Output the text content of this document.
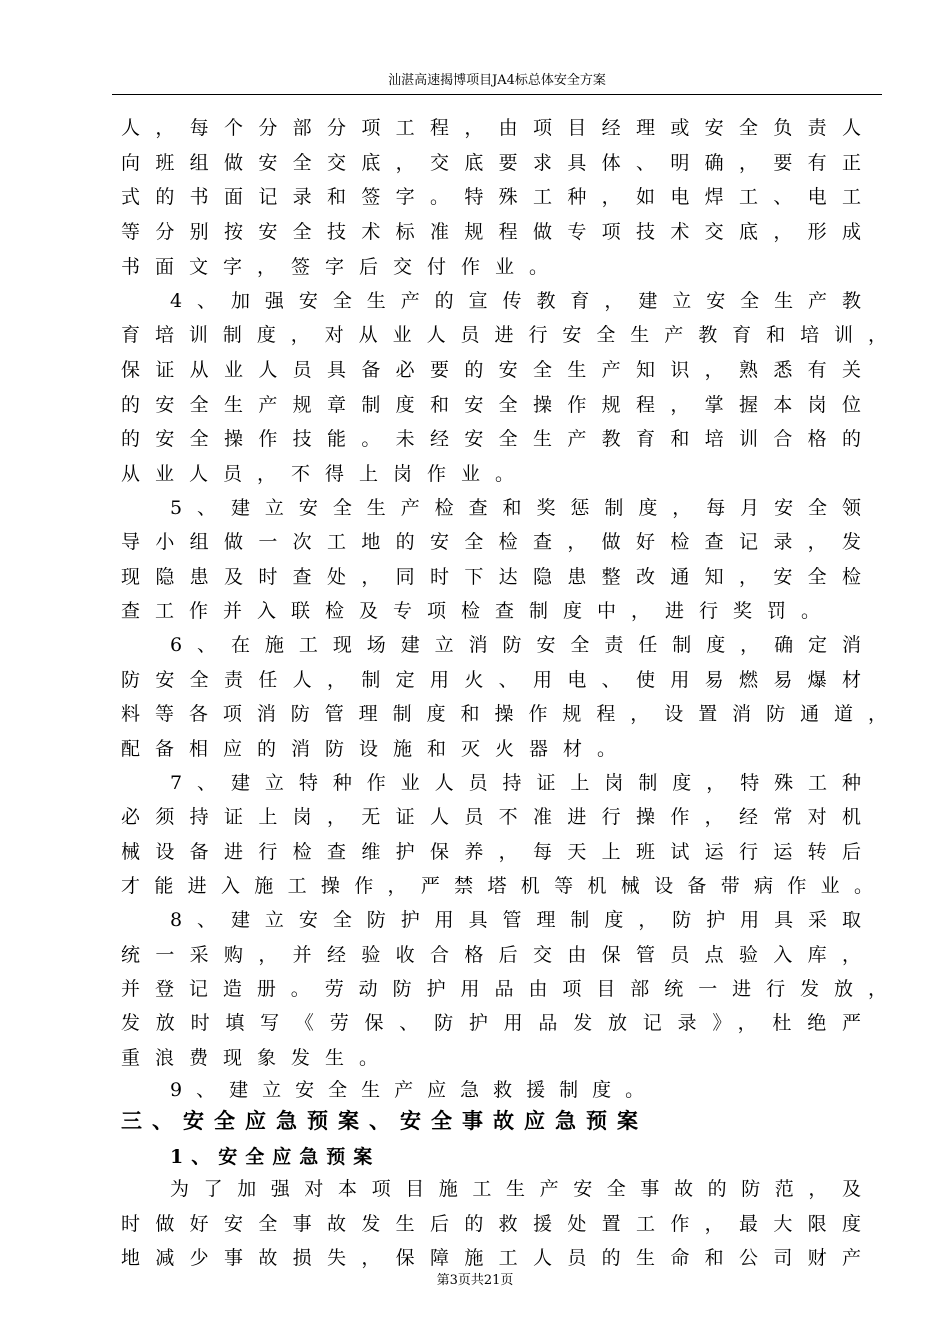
汕湛高速揭博项目JA4标总体安全方案
人，每个分部分项工程，由项目经理或安全负责人
向班组做安全交底，交底要求具体、明确，要有正
式的书面记录和签字。特殊工种，如电焊工、电工
等分别按安全技术标准规程做专项技术交底，形成
书面文字，签字后交付作业。
4、加强安全生产的宣传教育，建立安全生产教
育培训制度，对从业人员进行安全生产教育和培训，
保证从业人员具备必要的安全生产知识，熟悉有关
的安全生产规章制度和安全操作规程，掌握本岗位
的安全操作技能。未经安全生产教育和培训合格的
从业人员，不得上岗作业。
5、建立安全生产检查和奖惩制度，每月安全领
导小组做一次工地的安全检查，做好检查记录，发
现隐患及时查处，同时下达隐患整改通知，安全检
查工作并入联检及专项检查制度中，进行奖罚。
6、在施工现场建立消防安全责任制度，确定消
防安全责任人，制定用火、用电、使用易燃易爆材
料等各项消防管理制度和操作规程，设置消防通道，
配备相应的消防设施和灭火器材。
7、建立特种作业人员持证上岗制度，特殊工种
必须持证上岗，无证人员不准进行操作，经常对机
械设备进行检查维护保养，每天上班试运行运转后
才能进入施工操作，严禁塔机等机械设备带病作业。
8、建立安全防护用具管理制度，防护用具采取
统一采购，并经验收合格后交由保管员点验入库，
并登记造册。劳动防护用品由项目部统一进行发放，
发放时填写《劳保、防护用品发放记录》，杜绝严
重浪费现象发生。
9、建立安全生产应急救援制度。
三、安全应急预案、安全事故应急预案
1、安全应急预案
为了加强对本项目施工生产安全事故的防范，及
时做好安全事故发生后的救援处置工作，最大限度
地减少事故损失，保障施工人员的生命和公司财产
第3页共21页
